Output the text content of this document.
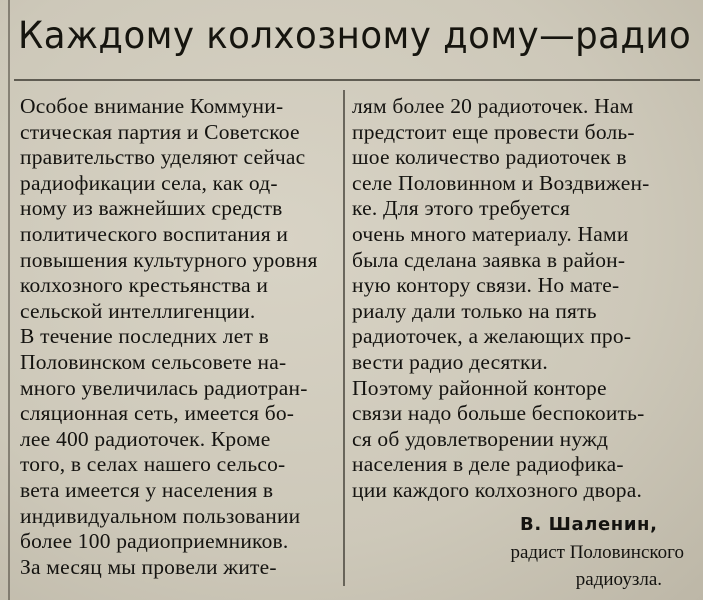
Каждому колхозному дому—радио
Особое внимание Коммуни-
стическая партия и Советское
правительство уделяют сейчас
радиофикации села, как од-
ному из важнейших средств
политического воспитания и
повышения культурного уровня
колхозного крестьянства и
сельской интеллигенции.
В течение последних лет в
Половинском сельсовете на-
много увеличилась радиотран-
сляционная сеть, имеется бо-
лее 400 радиоточек. Кроме
того, в селах нашего сельсо-
вета имеется у населения в
индивидуальном пользовании
более 100 радиоприемников.
За месяц мы провели жите-
лям более 20 радиоточек. Нам
предстоит еще провести боль-
шое количество радиоточек в
селе Половинном и Воздвижен-
ке. Для этого требуется
очень много материалу. Нами
была сделана заявка в район-
ную контору связи. Но мате-
риалу дали только на пять
радиоточек, а желающих про-
вести радио десятки.
Поэтому районной конторе
связи надо больше беспокоить-
ся об удовлетворении нужд
населения в деле радиофика-
ции каждого колхозного двора.
В. Шаленин,
радист Половинского
радиоузла.
